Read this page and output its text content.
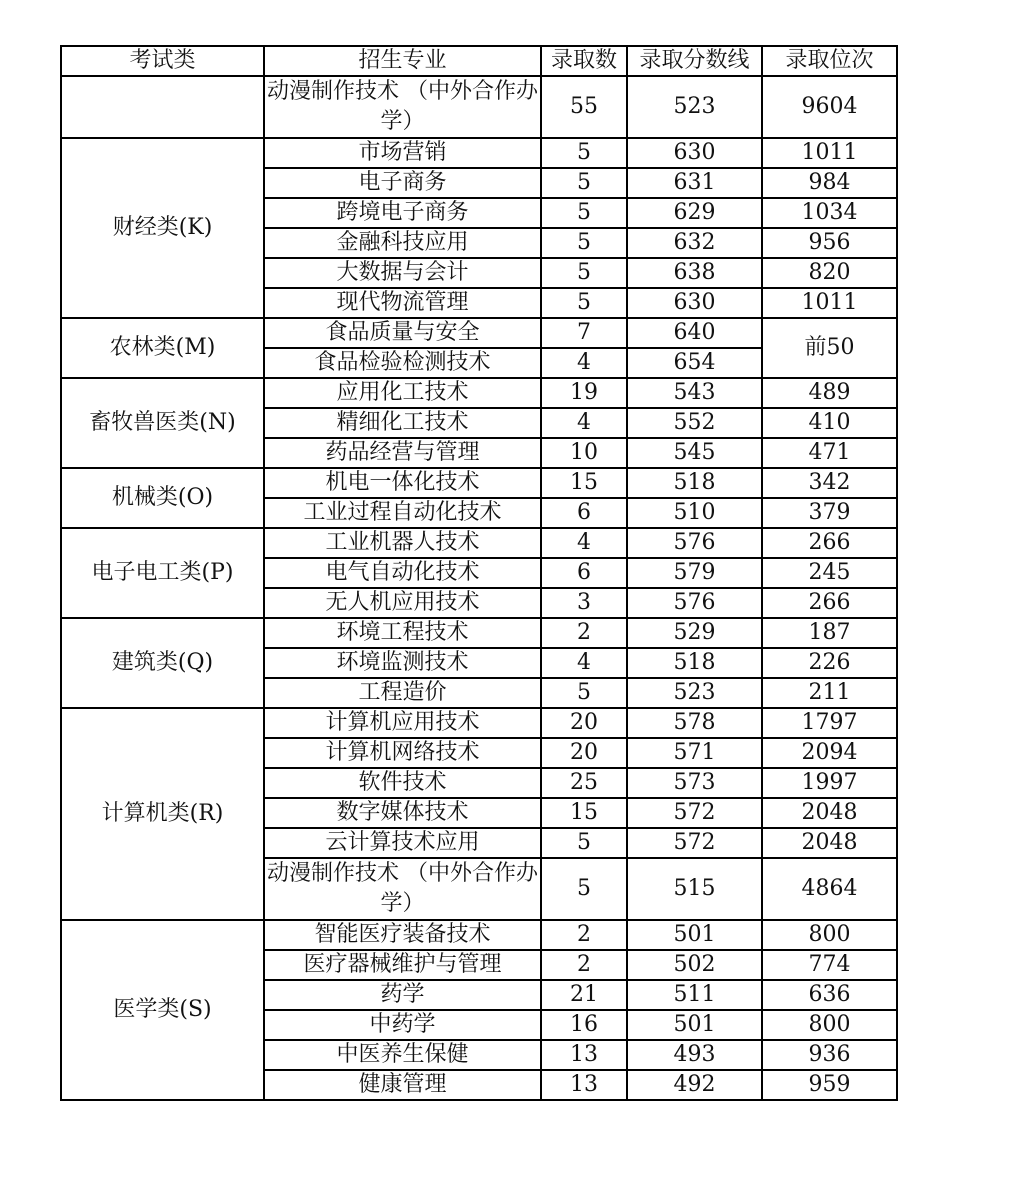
考试类	招生专业	录取数	录取分数线	录取位次
	动漫制作技术 （中外合作办学）	55	523	9604
财经类(K)	市场营销	5	630	1011
	电子商务	5	631	984
	跨境电子商务	5	629	1034
	金融科技应用	5	632	956
	大数据与会计	5	638	820
	现代物流管理	5	630	1011
农林类(M)	食品质量与安全	7	640	前50
	食品检验检测技术	4	654	
畜牧兽医类(N)	应用化工技术	19	543	489
	精细化工技术	4	552	410
	药品经营与管理	10	545	471
机械类(O)	机电一体化技术	15	518	342
	工业过程自动化技术	6	510	379
电子电工类(P)	工业机器人技术	4	576	266
	电气自动化技术	6	579	245
	无人机应用技术	3	576	266
建筑类(Q)	环境工程技术	2	529	187
	环境监测技术	4	518	226
	工程造价	5	523	211
计算机类(R)	计算机应用技术	20	578	1797
	计算机网络技术	20	571	2094
	软件技术	25	573	1997
	数字媒体技术	15	572	2048
	云计算技术应用	5	572	2048
	动漫制作技术 （中外合作办学）	5	515	4864
医学类(S)	智能医疗装备技术	2	501	800
	医疗器械维护与管理	2	502	774
	药学	21	511	636
	中药学	16	501	800
	中医养生保健	13	493	936
	健康管理	13	492	959
